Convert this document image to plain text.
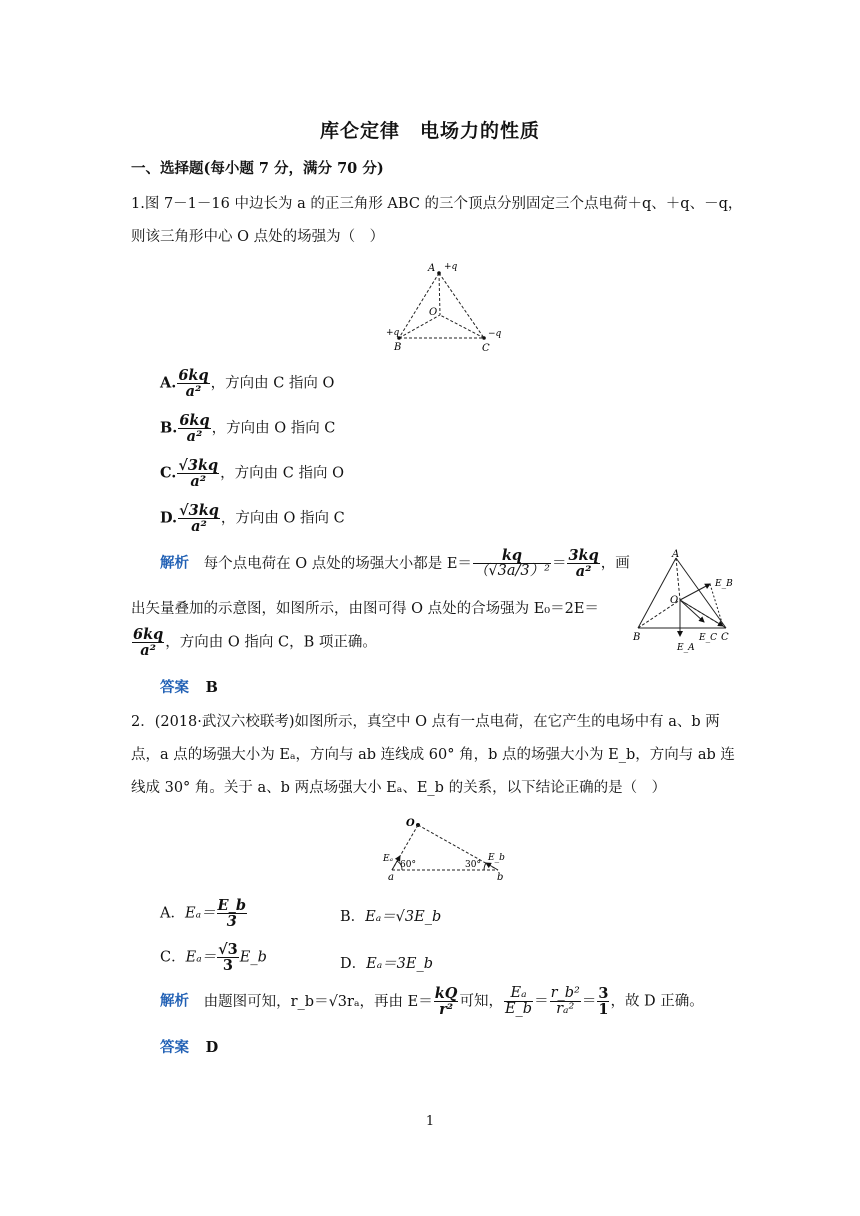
库仑定律　电场力的性质
一、选择题(每小题 7 分，满分 70 分)
1.图 7－1－16 中边长为 a 的正三角形 ABC 的三个顶点分别固定三个点电荷＋q、＋q、－q，
则该三角形中心 O 点处的场强为（　）
A +q
O
+q
B	C
−q
A. $\frac{6kq}{\text{a²}}$ ，方向由 C 指向 O
B. $\frac{6kq}{\text{a²}}$ ，方向由 O 指向 C
C. $\frac{√3kq}{\text{a²}}$ ，方向由 C 指向 O
D. $\frac{√3kq}{\text{a²}}$ ，方向由 O 指向 C
解析 每个点电荷在 O 点处的场强大小都是 $E= \frac{kq}{\text{（√3a/3）²}} = \frac{3kq}{\text{a²}}$ ，画
出矢量叠加的示意图，如图所示，由图可得 O 点处的合场强为 E₀＝2E＝
$\frac{6kq}{\text{a²}}$ ，方向由 O 指向 C，B 项正确。
A
E_B
O
B	E_C C
E_A
答案 B
2．(2018·武汉六校联考)如图所示，真空中 O 点有一点电荷，在它产生的电场中有 a、b 两
点，a 点的场强大小为 Eₐ，方向与 ab 连线成 60° 角，b 点的场强大小为 E_b，方向与 ab 连
线成 30° 角。关于 a、b 两点场强大小 Eₐ、E_b 的关系，以下结论正确的是（　）
O
Eₐ
60°	30°
E_b
a	b
A．$E_a= \frac{E\_b}{3}$	B．Eₐ＝√3E_b
C．$E_a= \frac{√3}{3}$ E_b	D．Eₐ＝3E_b
解析 由题图可知，r_b＝√3rₐ，再由 $E= \frac{kQ}{\text{r²}}$ 可知， $\frac{\text{Eₐ}}{E\_b} = \frac{\text{r\_b²}}{\text{rₐ²}} = \frac{3}{1}$ ，故 D 正确。
答案 D
1
